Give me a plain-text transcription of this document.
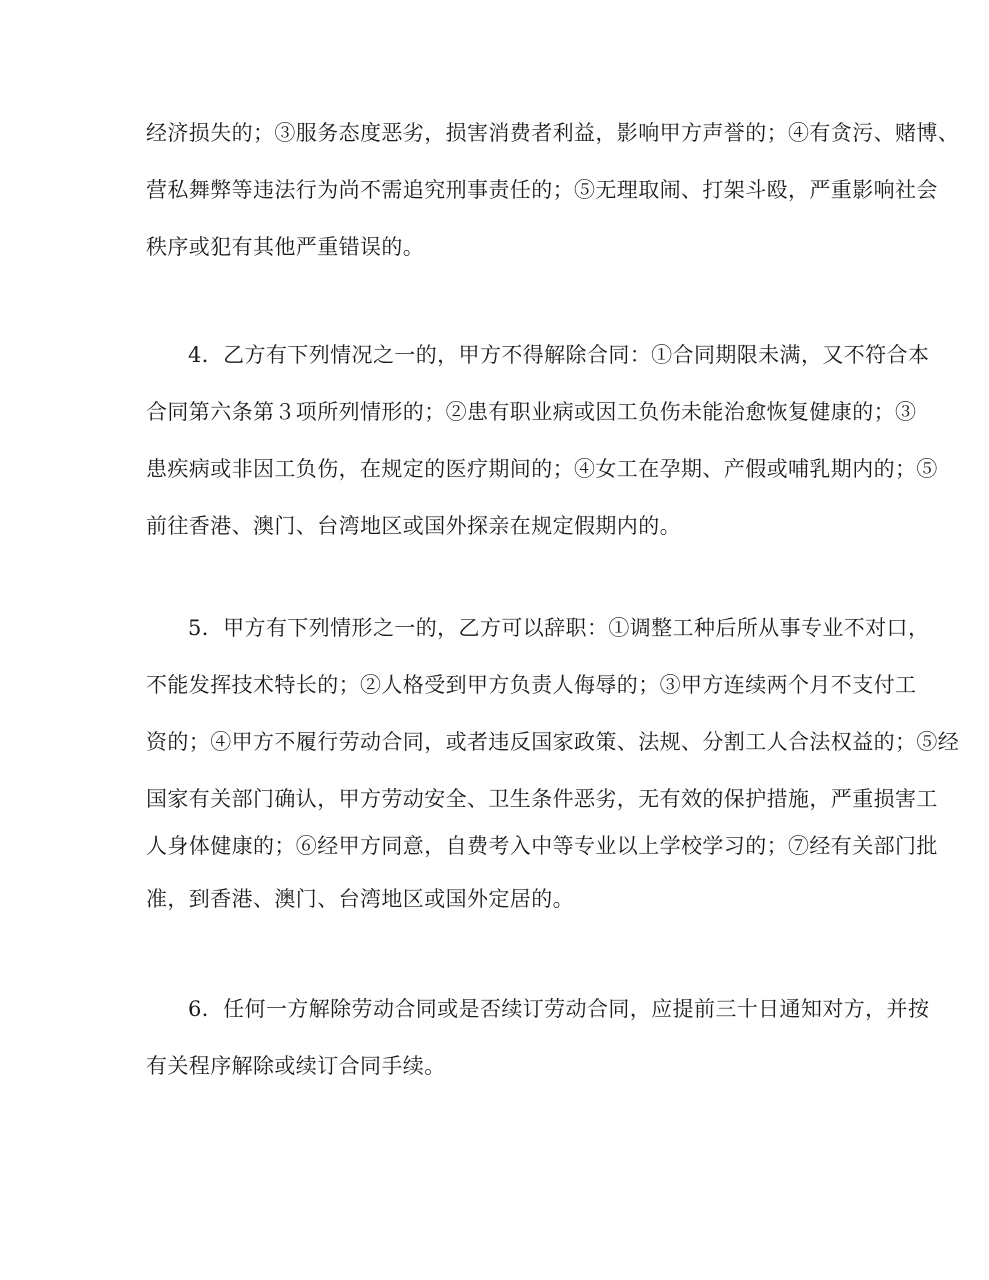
经济损失的；③服务态度恶劣，损害消费者利益，影响甲方声誉的；④有贪污、赌博、
营私舞弊等违法行为尚不需追究刑事责任的；⑤无理取闹、打架斗殴，严重影响社会
秩序或犯有其他严重错误的。
4．乙方有下列情况之一的，甲方不得解除合同：①合同期限未满，又不符合本
合同第六条第３项所列情形的；②患有职业病或因工负伤未能治愈恢复健康的；③
患疾病或非因工负伤，在规定的医疗期间的；④女工在孕期、产假或哺乳期内的；⑤
前往香港、澳门、台湾地区或国外探亲在规定假期内的。
5．甲方有下列情形之一的，乙方可以辞职：①调整工种后所从事专业不对口，
不能发挥技术特长的；②人格受到甲方负责人侮辱的；③甲方连续两个月不支付工
资的；④甲方不履行劳动合同，或者违反国家政策、法规、分割工人合法权益的；⑤经
国家有关部门确认，甲方劳动安全、卫生条件恶劣，无有效的保护措施，严重损害工
人身体健康的；⑥经甲方同意，自费考入中等专业以上学校学习的；⑦经有关部门批
准，到香港、澳门、台湾地区或国外定居的。
6．任何一方解除劳动合同或是否续订劳动合同，应提前三十日通知对方，并按
有关程序解除或续订合同手续。
